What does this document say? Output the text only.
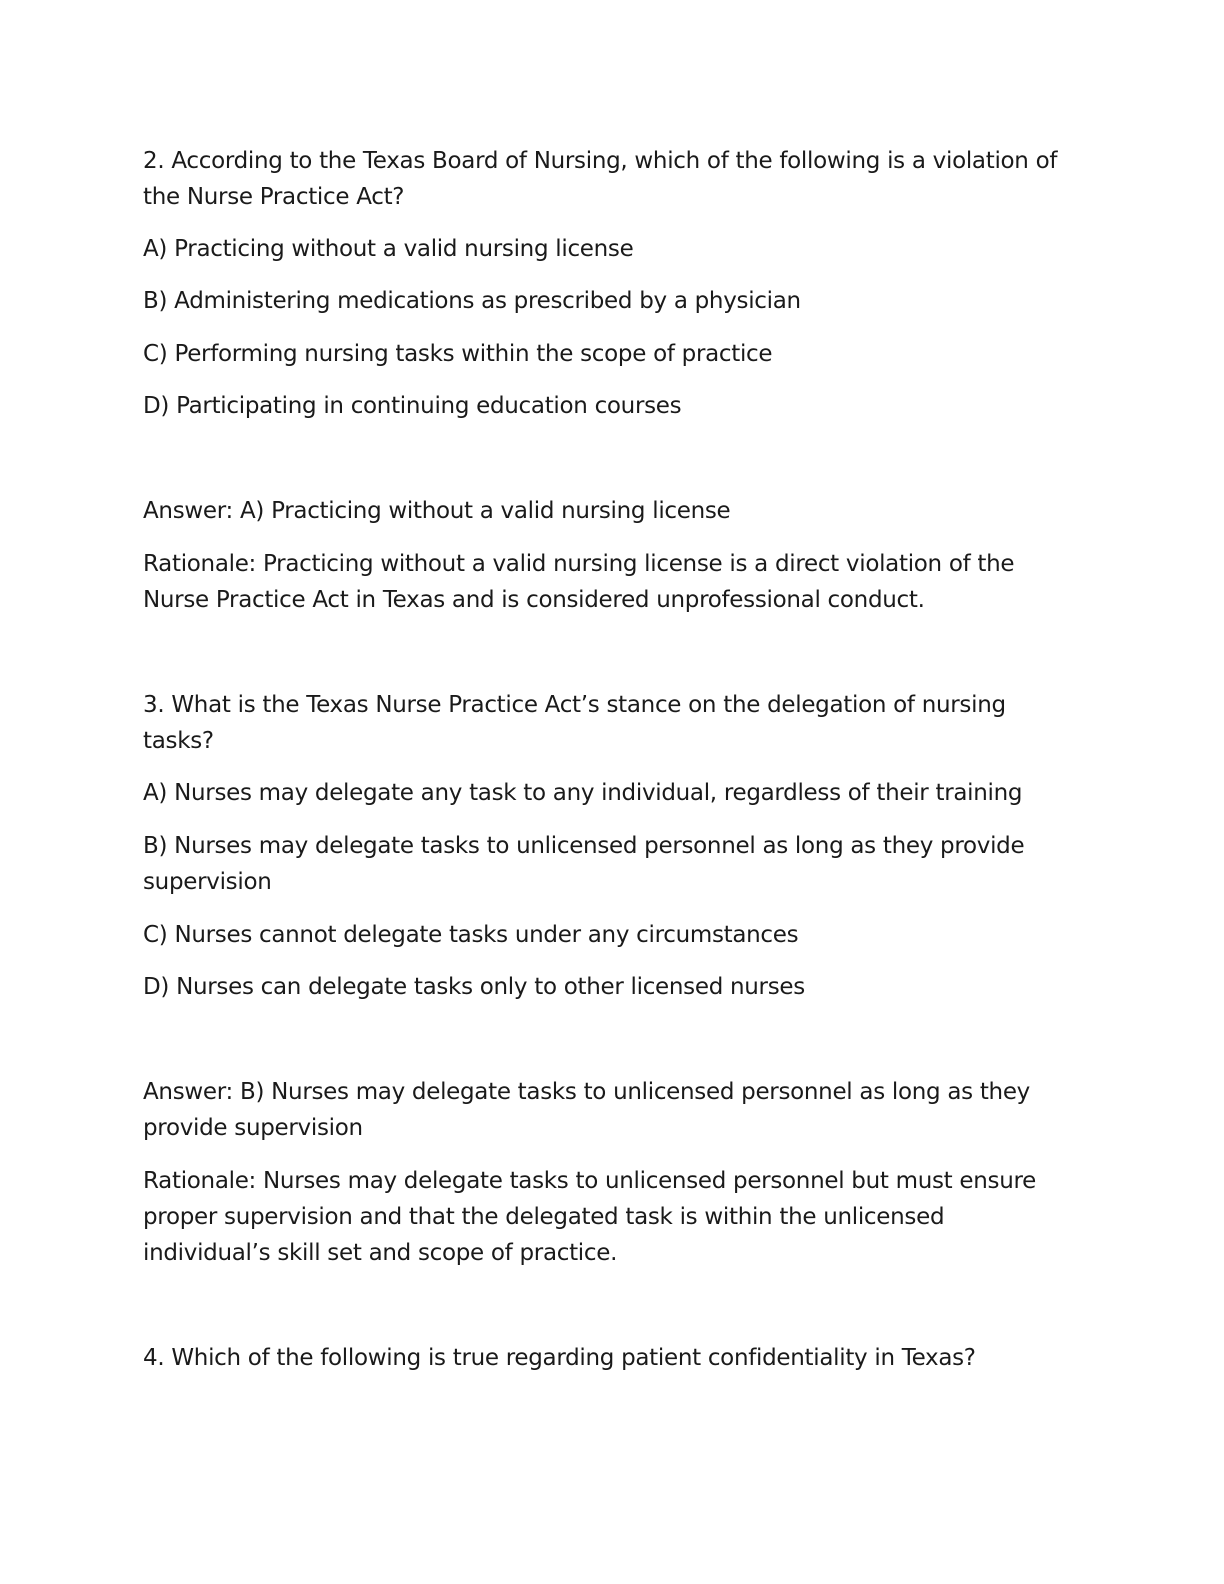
2. According to the Texas Board of Nursing, which of the following is a violation of

the Nurse Practice Act?

A) Practicing without a valid nursing license

B) Administering medications as prescribed by a physician

C) Performing nursing tasks within the scope of practice

D) Participating in continuing education courses

Answer: A) Practicing without a valid nursing license

Rationale: Practicing without a valid nursing license is a direct violation of the

Nurse Practice Act in Texas and is considered unprofessional conduct.

3. What is the Texas Nurse Practice Act’s stance on the delegation of nursing

tasks?

A) Nurses may delegate any task to any individual, regardless of their training

B) Nurses may delegate tasks to unlicensed personnel as long as they provide

supervision

C) Nurses cannot delegate tasks under any circumstances

D) Nurses can delegate tasks only to other licensed nurses

Answer: B) Nurses may delegate tasks to unlicensed personnel as long as they

provide supervision

Rationale: Nurses may delegate tasks to unlicensed personnel but must ensure

proper supervision and that the delegated task is within the unlicensed

individual’s skill set and scope of practice.

4. Which of the following is true regarding patient confidentiality in Texas?
